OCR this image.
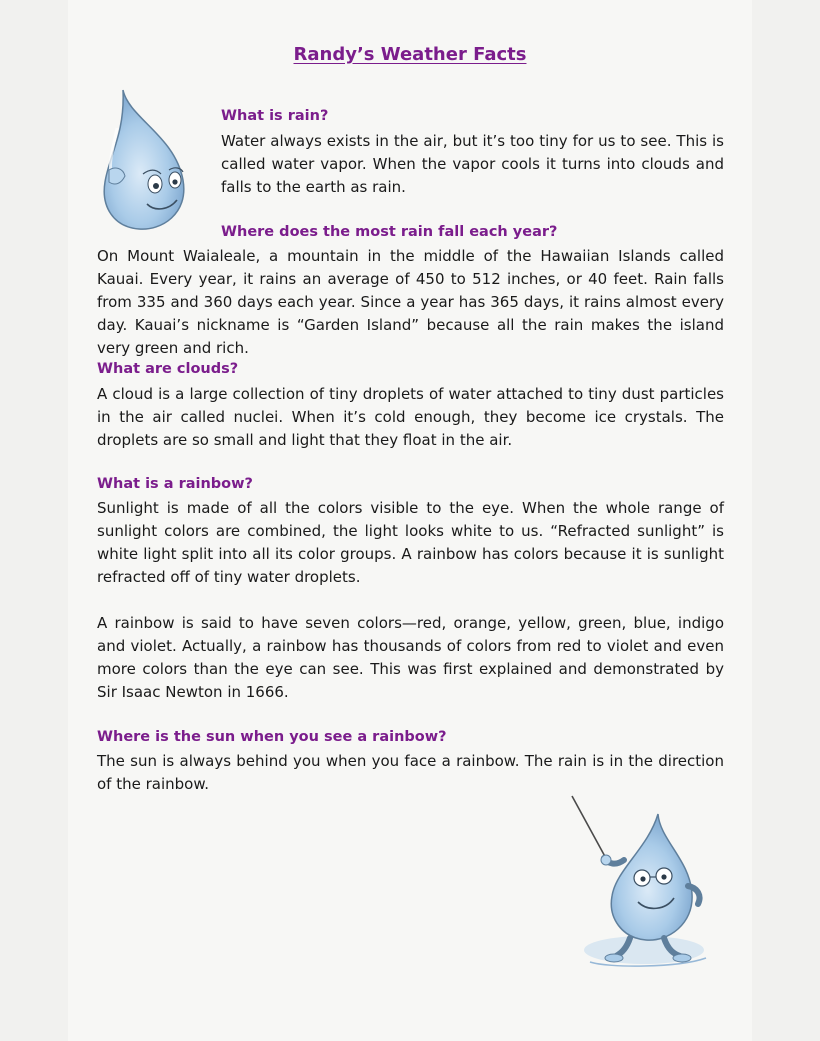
Randy’s Weather Facts
What is rain?

Water always exists in the air, but it’s too tiny for us to see. This is called water vapor. When the vapor cools it turns into clouds and falls to the earth as rain.

Where does the most rain fall each year?

On Mount Waialeale, a mountain in the middle of the Hawaiian Islands called Kauai. Every year, it rains an average of 450 to 512 inches, or 40 feet. Rain falls from 335 and 360 days each year. Since a year has 365 days, it rains almost every day. Kauai’s nickname is “Garden Island” because all the rain makes the island very green and rich.

What are clouds?

A cloud is a large collection of tiny droplets of water attached to tiny dust particles in the air called nuclei. When it’s cold enough, they become ice crystals. The droplets are so small and light that they float in the air.

What is a rainbow?

Sunlight is made of all the colors visible to the eye. When the whole range of sunlight colors are combined, the light looks white to us. “Refracted sunlight” is white light split into all its color groups. A rainbow has colors because it is sunlight refracted off of tiny water droplets.

A rainbow is said to have seven colors—red, orange, yellow, green, blue, indigo and violet. Actually, a rainbow has thousands of colors from red to violet and even more colors than the eye can see. This was first explained and demonstrated by Sir Isaac Newton in 1666.

Where is the sun when you see a rainbow?

The sun is always behind you when you face a rainbow. The rain is in the direction of the rainbow.
